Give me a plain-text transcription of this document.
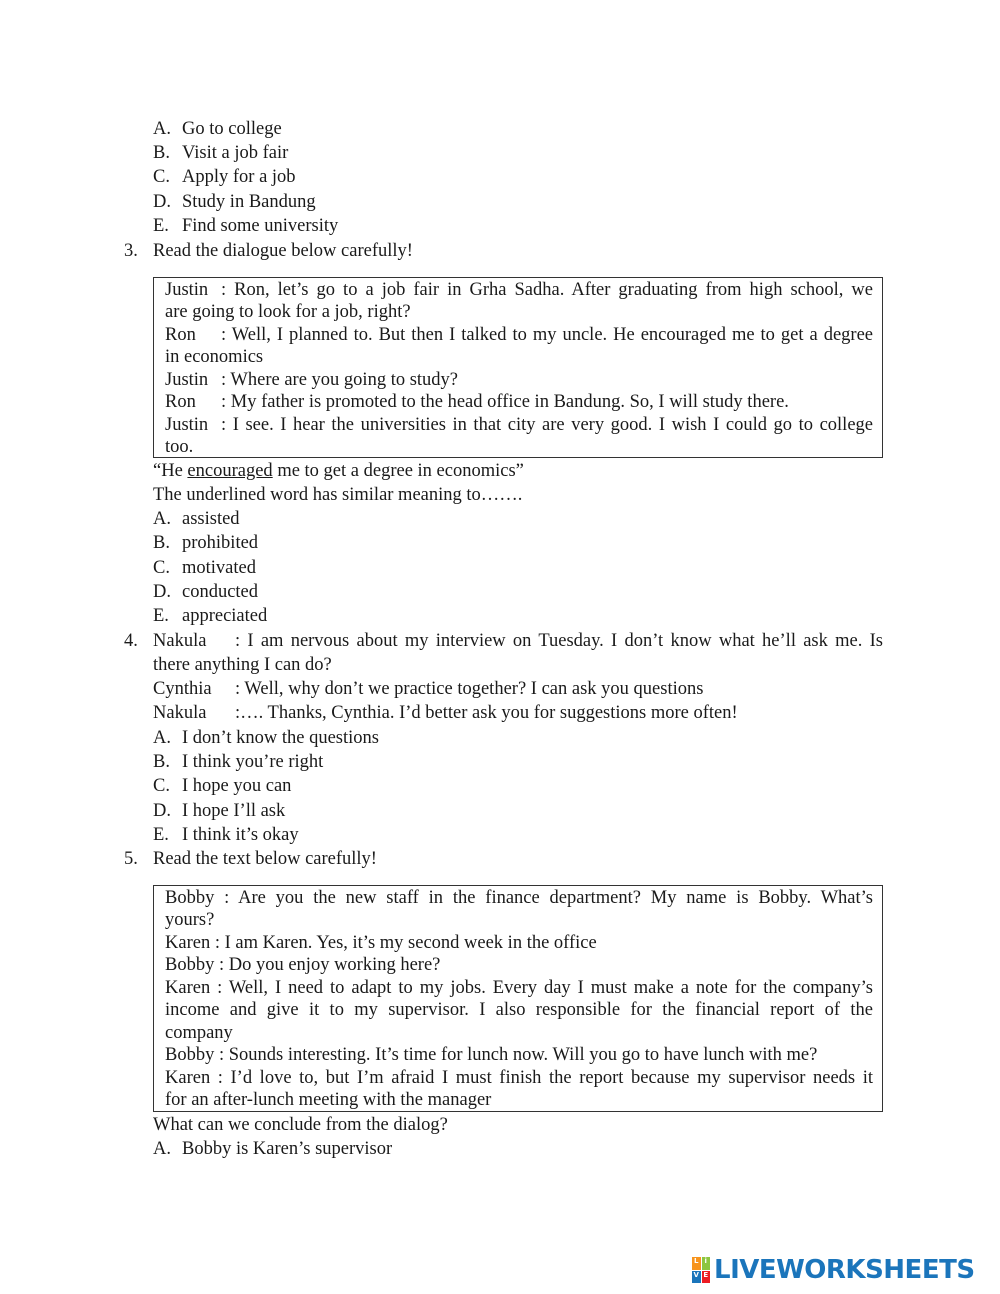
A. Go to college
B. Visit a job fair
C. Apply for a job
D. Study in Bandung
E. Find some university
3. Read the dialogue below carefully!
Justin : Ron, let’s go to a job fair in Grha Sadha. After graduating from high school, we
are going to look for a job, right?
Ron : Well, I planned to. But then I talked to my uncle. He encouraged me to get a degree
in economics
Justin : Where are you going to study?
Ron : My father is promoted to the head office in Bandung. So, I will study there.
Justin : I see. I hear the universities in that city are very good. I wish I could go to college
too.
“He encouraged me to get a degree in economics”
The underlined word has similar meaning to…….
A. assisted
B. prohibited
C. motivated
D. conducted
E. appreciated
4. Nakula : I am nervous about my interview on Tuesday. I don’t know what he’ll ask me. Is
there anything I can do?
Cynthia : Well, why don’t we practice together? I can ask you questions
Nakula :…. Thanks, Cynthia. I’d better ask you for suggestions more often!
A. I don’t know the questions
B. I think you’re right
C. I hope you can
D. I hope I’ll ask
E. I think it’s okay
5. Read the text below carefully!
Bobby : Are you the new staff in the finance department? My name is Bobby. What’s
yours?
Karen : I am Karen. Yes, it’s my second week in the office
Bobby : Do you enjoy working here?
Karen : Well, I need to adapt to my jobs. Every day I must make a note for the company’s
income and give it to my supervisor. I also responsible for the financial report of the
company
Bobby : Sounds interesting. It’s time for lunch now. Will you go to have lunch with me?
Karen : I’d love to, but I’m afraid I must finish the report because my supervisor needs it
for an after-lunch meeting with the manager
What can we conclude from the dialog?
A. Bobby is Karen’s supervisor
L i
V E LIVEWORKSHEETS
